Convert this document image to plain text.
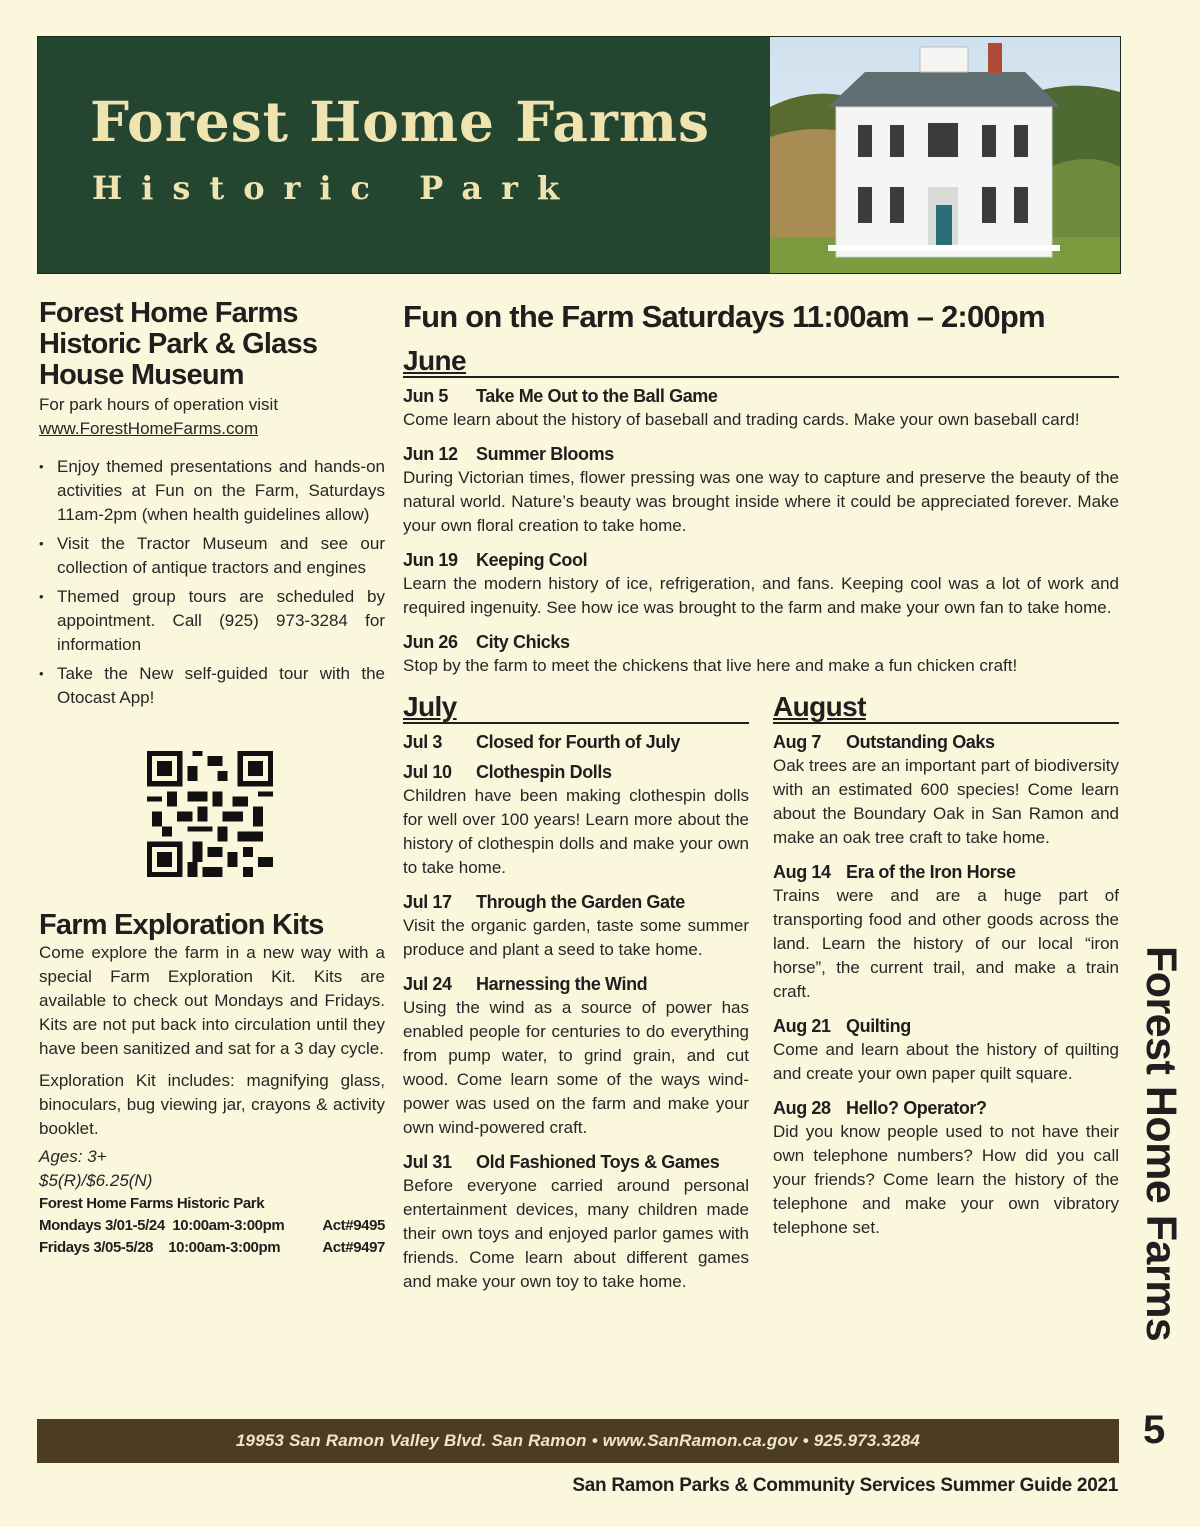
Forest Home Farms
Historic Park
Forest Home Farms Historic Park & Glass House Museum

For park hours of operation visit

www.ForestHomeFarms.com

• Enjoy themed presentations and hands-on activities at Fun on the Farm, Saturdays 11am-2pm (when health guidelines allow)
• Visit the Tractor Museum and see our collection of antique tractors and engines
• Themed group tours are scheduled by appointment. Call (925) 973-3284 for information
• Take the New self-guided tour with the Otocast App!
Farm Exploration Kits

Come explore the farm in a new way with a special Farm Exploration Kit. Kits are available to check out Mondays and Fridays. Kits are not put back into circulation until they have been sanitized and sat for a 3 day cycle.

Exploration Kit includes: magnifying glass, binoculars, bug viewing jar, crayons & activity booklet.

Ages: 3+

$5(R)/$6.25(N)

Forest Home Farms Historic Park
Mondays 3/01-5/24 10:00am-3:00pm	Act#9495
Fridays 3/05-5/28 10:00am-3:00pm	Act#9497
Fun on the Farm Saturdays 11:00am – 2:00pm
June
Jun 5 Take Me Out to the Ball Game

Come learn about the history of baseball and trading cards. Make your own baseball card!

Jun 12 Summer Blooms

During Victorian times, flower pressing was one way to capture and preserve the beauty of the natural world. Nature’s beauty was brought inside where it could be appreciated forever. Make your own floral creation to take home.

Jun 19 Keeping Cool

Learn the modern history of ice, refrigeration, and fans. Keeping cool was a lot of work and required ingenuity. See how ice was brought to the farm and make your own fan to take home.

Jun 26 City Chicks

Stop by the farm to meet the chickens that live here and make a fun chicken craft!

July
Jul 3 Closed for Fourth of July
Jul 10 Clothespin Dolls

Children have been making clothespin dolls for well over 100 years! Learn more about the history of clothespin dolls and make your own to take home.

Jul 17 Through the Garden Gate

Visit the organic garden, taste some summer produce and plant a seed to take home.

Jul 24 Harnessing the Wind

Using the wind as a source of power has enabled people for centuries to do everything from pump water, to grind grain, and cut wood. Come learn some of the ways wind-power was used on the farm and make your own wind-powered craft.

Jul 31 Old Fashioned Toys & Games

Before everyone carried around personal entertainment devices, many children made their own toys and enjoyed parlor games with friends. Come learn about different games and make your own toy to take home.

August
Aug 7 Outstanding Oaks

Oak trees are an important part of biodiversity with an estimated 600 species! Come learn about the Boundary Oak in San Ramon and make an oak tree craft to take home.

Aug 14 Era of the Iron Horse

Trains were and are a huge part of transporting food and other goods across the land. Learn the history of our local “iron horse”, the current trail, and make a train craft.

Aug 21 Quilting

Come and learn about the history of quilting and create your own paper quilt square.

Aug 28 Hello? Operator?

Did you know people used to not have their own telephone numbers? How did you call your friends? Come learn the history of the telephone and make your own vibratory telephone set.	Forest Home Farms
19953 San Ramon Valley Blvd. San Ramon • www.SanRamon.ca.gov • 925.973.3284	5
San Ramon Parks & Community Services Summer Guide 2021
